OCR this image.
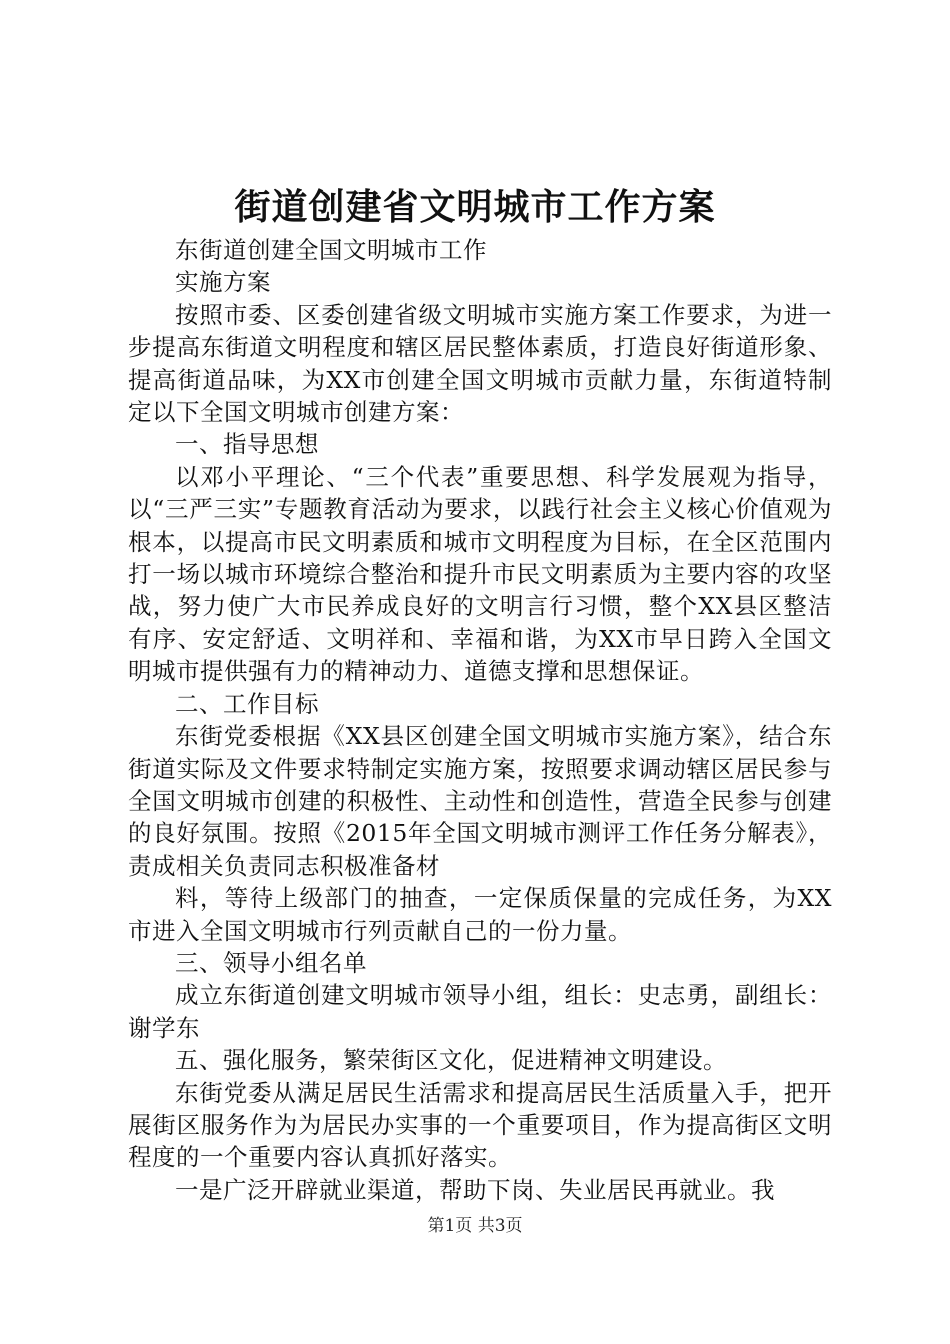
街道创建省文明城市工作方案

东街道创建全国文明城市工作

实施方案

按照市委、区委创建省级文明城市实施方案工作要求，为进一步提高东街道文明程度和辖区居民整体素质，打造良好街道形象、提高街道品味，为XX市创建全国文明城市贡献力量，东街道特制定以下全国文明城市创建方案：

一、指导思想

以邓小平理论、“三个代表”重要思想、科学发展观为指导，以“三严三实”专题教育活动为要求，以践行社会主义核心价值观为根本，以提高市民文明素质和城市文明程度为目标，在全区范围内打一场以城市环境综合整治和提升市民文明素质为主要内容的攻坚战，努力使广大市民养成良好的文明言行习惯，整个XX县区整洁有序、安定舒适、文明祥和、幸福和谐，为XX市早日跨入全国文明城市提供强有力的精神动力、道德支撑和思想保证。

二、工作目标

东街党委根据《XX县区创建全国文明城市实施方案》，结合东街道实际及文件要求特制定实施方案，按照要求调动辖区居民参与全国文明城市创建的积极性、主动性和创造性，营造全民参与创建的良好氛围。按照《2015年全国文明城市测评工作任务分解表》，责成相关负责同志积极准备材

料，等待上级部门的抽查，一定保质保量的完成任务，为XX市进入全国文明城市行列贡献自己的一份力量。

三、领导小组名单

成立东街道创建文明城市领导小组，组长：史志勇，副组长：谢学东

五、强化服务，繁荣街区文化，促进精神文明建设。

东街党委从满足居民生活需求和提高居民生活质量入手，把开展街区服务作为为居民办实事的一个重要项目，作为提高街区文明程度的一个重要内容认真抓好落实。

一是广泛开辟就业渠道，帮助下岗、失业居民再就业。我

第1页 共3页
